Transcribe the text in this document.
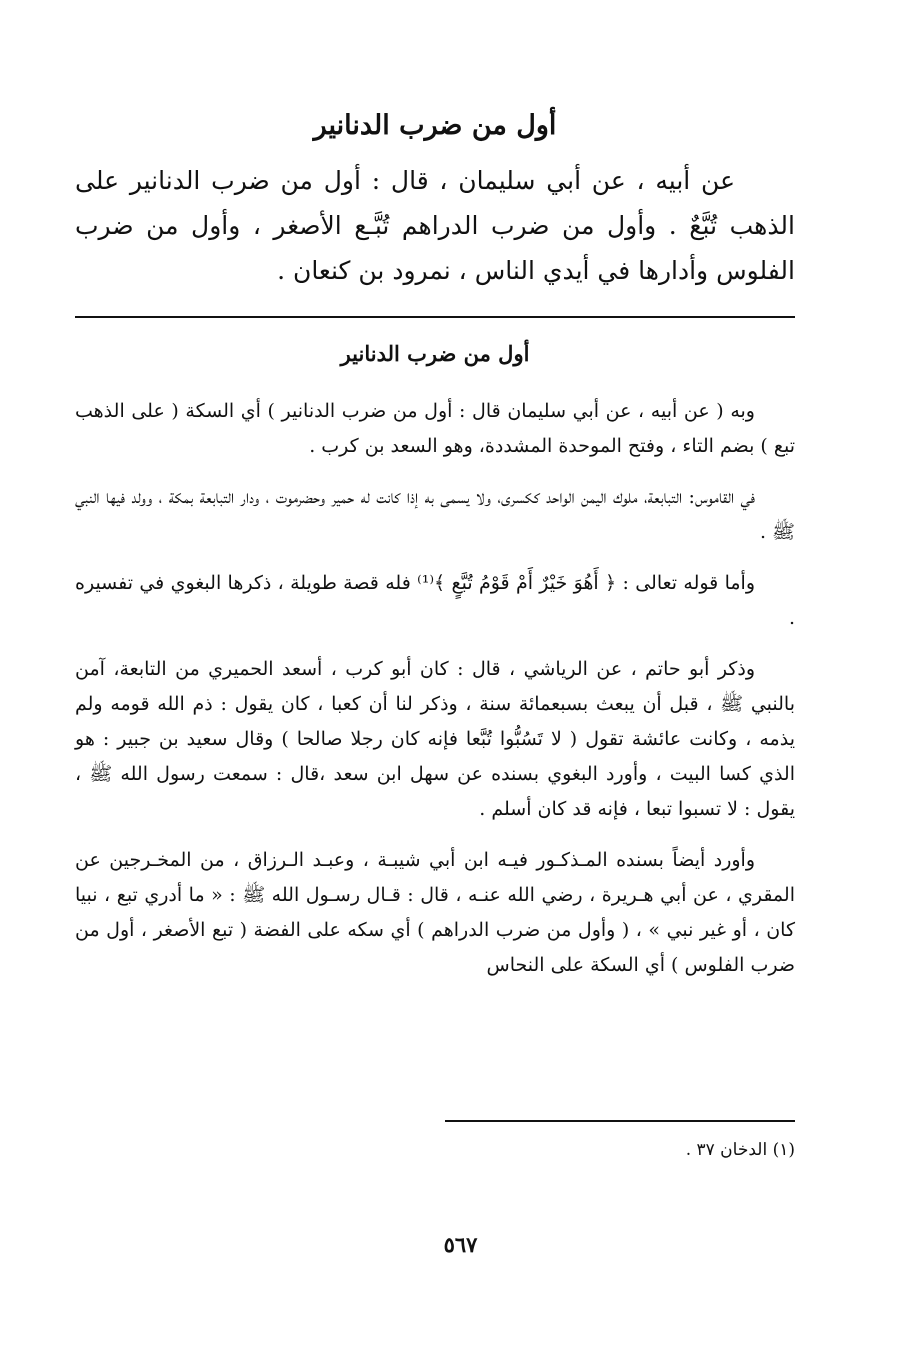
أول من ضرب الدنانير

عن أبيه ، عن أبي سليمان ، قال : أول من ضرب الدنانير على الذهب تُبَّعٌ . وأول من ضرب الدراهم تُبَّـع الأصغر ، وأول من ضرب الفلوس وأدارها في أيدي الناس ، نمرود بن كنعان .

أول من ضرب الدنانير

وبه ( عن أبيه ، عن أبي سليمان قال : أول من ضرب الدنانير ) أي السكة ( على الذهب تبع ) بضم التاء ، وفتح الموحدة المشددة، وهو السعد بن كرب .

في القاموس: التبابعة، ملوك اليمن الواحد ككسرى، ولا يسمى به إذا كانت له حمير وحضرموت ، ودار التبابعة بمكة ، وولد فيها النبي ﷺ .

وأما قوله تعالى : ﴿ أَهُوَ خَيْرٌ أَمْ قَوْمُ تُبَّعٍ ﴾⁽¹⁾ فله قصة طويلة ، ذكرها البغوي في تفسيره .

وذكر أبو حاتم ، عن الرياشي ، قال : كان أبو كرب ، أسعد الحميري من التابعة، آمن بالنبي ﷺ ، قبل أن يبعث بسبعمائة سنة ، وذكر لنا أن كعبا ، كان يقول : ذم الله قومه ولم يذمه ، وكانت عائشة تقول ( لا تَسُبُّوا تُبَّعا فإنه كان رجلا صالحا ) وقال سعيد بن جبير : هو الذي كسا البيت ، وأورد البغوي بسنده عن سهل ابن سعد ،قال : سمعت رسول الله ﷺ ، يقول : لا تسبوا تبعا ، فإنه قد كان أسلم .

وأورد أيضاً بسنده المـذكـور فيـه ابن أبي شيبـة ، وعبـد الـرزاق ، من المخـرجين عن المقري ، عن أبي هـريرة ، رضي الله عنـه ، قال : قـال رسـول الله ﷺ : « ما أدري تبع ، نبيا كان ، أو غير نبي » ، ( وأول من ضرب الدراهم ) أي سكه على الفضة ( تبع الأصغر ، أول من ضرب الفلوس ) أي السكة على النحاس

(١) الدخان ٣٧ .
٥٦٧
